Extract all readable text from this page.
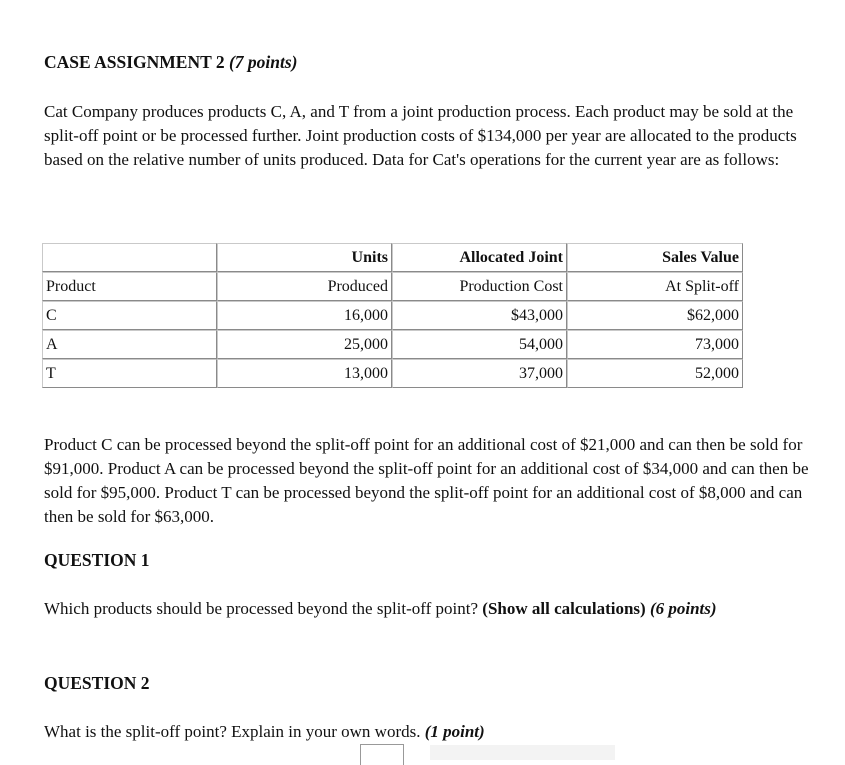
CASE ASSIGNMENT 2 (7 points)

Cat Company produces products C, A, and T from a joint production process. Each product may be sold at the split-off point or be processed further. Joint production costs of $134,000 per year are allocated to the products based on the relative number of units produced. Data for Cat's operations for the current year are as follows:

	Units	Allocated Joint	Sales Value
Product	Produced	Production Cost	At Split-off
C	16,000	$43,000	$62,000
A	25,000	54,000	73,000
T	13,000	37,000	52,000

Product C can be processed beyond the split-off point for an additional cost of $21,000 and can then be sold for $91,000. Product A can be processed beyond the split-off point for an additional cost of $34,000 and can then be sold for $95,000. Product T can be processed beyond the split-off point for an additional cost of $8,000 and can then be sold for $63,000.

QUESTION 1

Which products should be processed beyond the split-off point? (Show all calculations) (6 points)

QUESTION 2

What is the split-off point? Explain in your own words. (1 point)
